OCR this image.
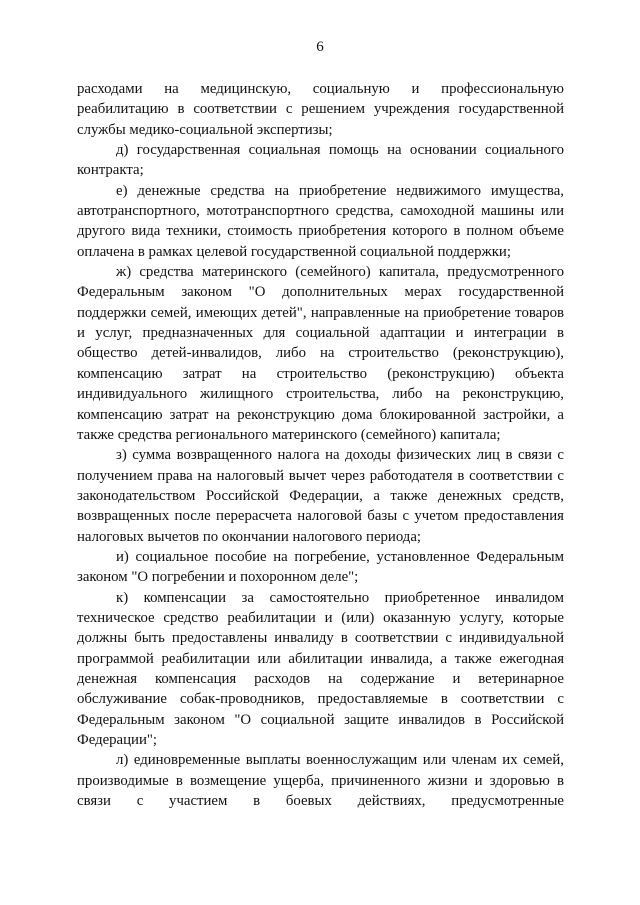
6

расходами на медицинскую, социальную и профессиональную реабилитацию в соответствии с решением учреждения государственной службы медико-социальной экспертизы;

д) государственная социальная помощь на основании социального контракта;

е) денежные средства на приобретение недвижимого имущества, автотранспортного, мототранспортного средства, самоходной машины или другого вида техники, стоимость приобретения которого в полном объеме оплачена в рамках целевой государственной социальной поддержки;

ж) средства материнского (семейного) капитала, предусмотренного Федеральным законом "О дополнительных мерах государственной поддержки семей, имеющих детей", направленные на приобретение товаров и услуг, предназначенных для социальной адаптации и интеграции в общество детей-инвалидов, либо на строительство (реконструкцию), компенсацию затрат на строительство (реконструкцию) объекта индивидуального жилищного строительства, либо на реконструкцию, компенсацию затрат на реконструкцию дома блокированной застройки, а также средства регионального материнского (семейного) капитала;

з) сумма возвращенного налога на доходы физических лиц в связи с получением права на налоговый вычет через работодателя в соответствии с законодательством Российской Федерации, а также денежных средств, возвращенных после перерасчета налоговой базы с учетом предоставления налоговых вычетов по окончании налогового периода;

и) социальное пособие на погребение, установленное Федеральным законом "О погребении и похоронном деле";

к) компенсации за самостоятельно приобретенное инвалидом техническое средство реабилитации и (или) оказанную услугу, которые должны быть предоставлены инвалиду в соответствии с индивидуальной программой реабилитации или абилитации инвалида, а также ежегодная денежная компенсация расходов на содержание и ветеринарное обслуживание собак-проводников, предоставляемые в соответствии с Федеральным законом "О социальной защите инвалидов в Российской Федерации";

л) единовременные выплаты военнослужащим или членам их семей, производимые в возмещение ущерба, причиненного жизни и здоровью в связи с участием в боевых действиях, предусмотренные
